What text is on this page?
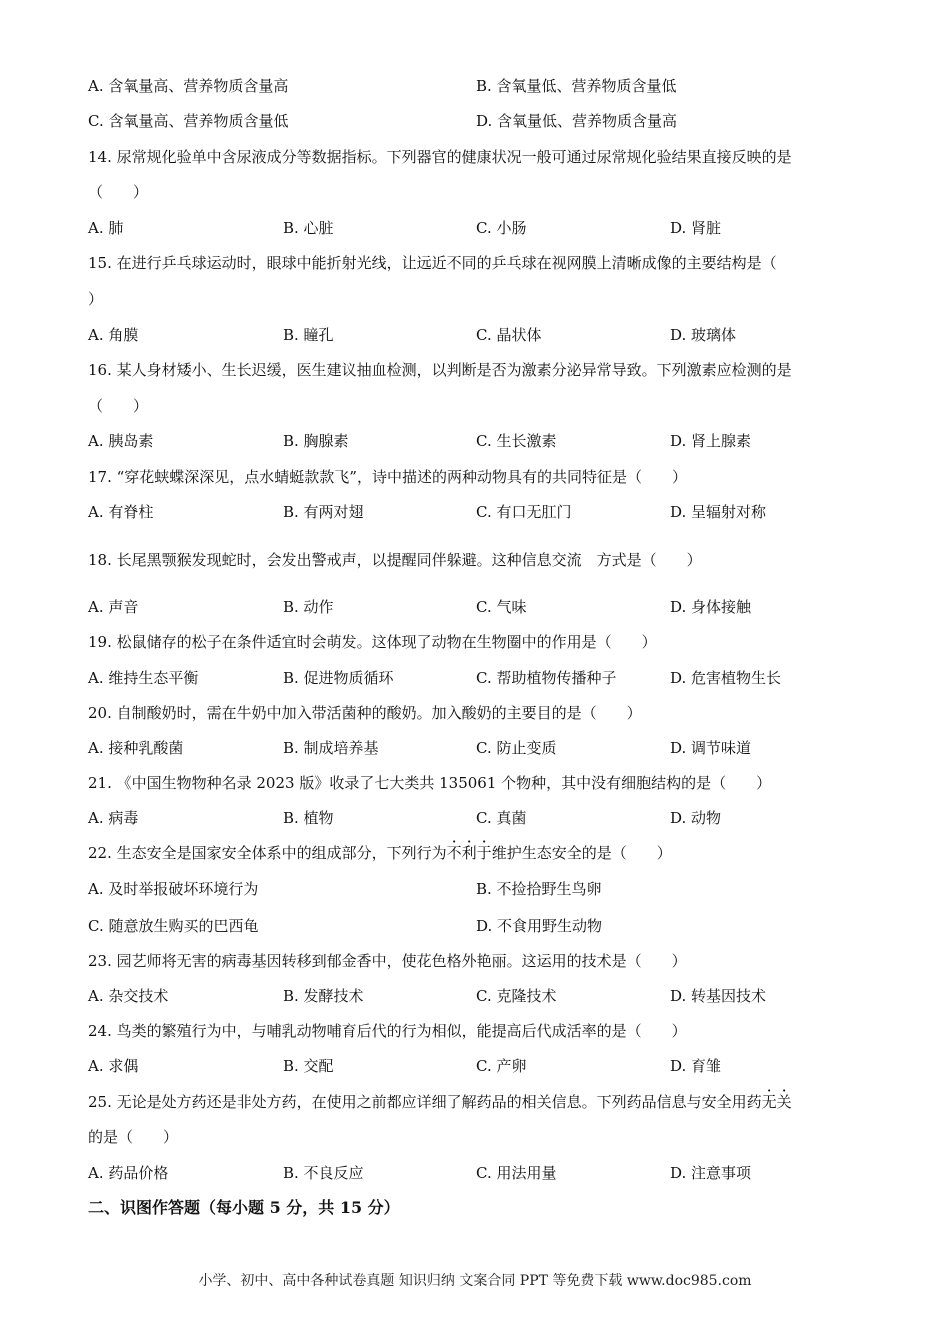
A. 含氧量高、营养物质含量高	B. 含氧量低、营养物质含量低
C. 含氧量高、营养物质含量低	D. 含氧量低、营养物质含量高
14. 尿常规化验单中含尿液成分等数据指标。下列器官的健康状况一般可通过尿常规化验结果直接反映的是
（　　）
A. 肺	B. 心脏	C. 小肠	D. 肾脏
15. 在进行乒乓球运动时，眼球中能折射光线，让远近不同的乒乓球在视网膜上清晰成像的主要结构是（
）
A. 角膜	B. 瞳孔	C. 晶状体	D. 玻璃体
16. 某人身材矮小、生长迟缓，医生建议抽血检测，以判断是否为激素分泌异常导致。下列激素应检测的是
（　　）
A. 胰岛素	B. 胸腺素	C. 生长激素	D. 肾上腺素
17. “穿花蛱蝶深深见，点水蜻蜓款款飞”，诗中描述的两种动物具有的共同特征是（　　）
A. 有脊柱	B. 有两对翅	C. 有口无肛门	D. 呈辐射对称
18. 长尾黑颚猴发现蛇时，会发出警戒声，以提醒同伴躲避。这种信息交流　方式是（　　）
A. 声音	B. 动作	C. 气味	D. 身体接触
19. 松鼠储存的松子在条件适宜时会萌发。这体现了动物在生物圈中的作用是（　　）
A. 维持生态平衡	B. 促进物质循环	C. 帮助植物传播种子	D. 危害植物生长
20. 自制酸奶时，需在牛奶中加入带活菌种的酸奶。加入酸奶的主要目的是（　　）
A. 接种乳酸菌	B. 制成培养基	C. 防止变质	D. 调节味道
21. 《中国生物物种名录 2023 版》收录了七大类共 135061 个物种，其中没有细胞结构的是（　　）
A. 病毒	B. 植物	C. 真菌	D. 动物
22. 生态安全是国家安全体系中的组成部分，下列行为不利于维护生态安全的是（　　）
A. 及时举报破坏环境行为	B. 不捡拾野生鸟卵
C. 随意放生购买的巴西龟	D. 不食用野生动物
23. 园艺师将无害的病毒基因转移到郁金香中，使花色格外艳丽。这运用的技术是（　　）
A. 杂交技术	B. 发酵技术	C. 克隆技术	D. 转基因技术
24. 鸟类的繁殖行为中，与哺乳动物哺育后代的行为相似，能提高后代成活率的是（　　）
A. 求偶	B. 交配	C. 产卵	D. 育雏
25. 无论是处方药还是非处方药，在使用之前都应详细了解药品的相关信息。下列药品信息与安全用药无关
的是（　　）
A. 药品价格	B. 不良反应	C. 用法用量	D. 注意事项
二、识图作答题（每小题 5 分，共 15 分）
小学、初中、高中各种试卷真题 知识归纳 文案合同 PPT 等免费下载 www.doc985.com
